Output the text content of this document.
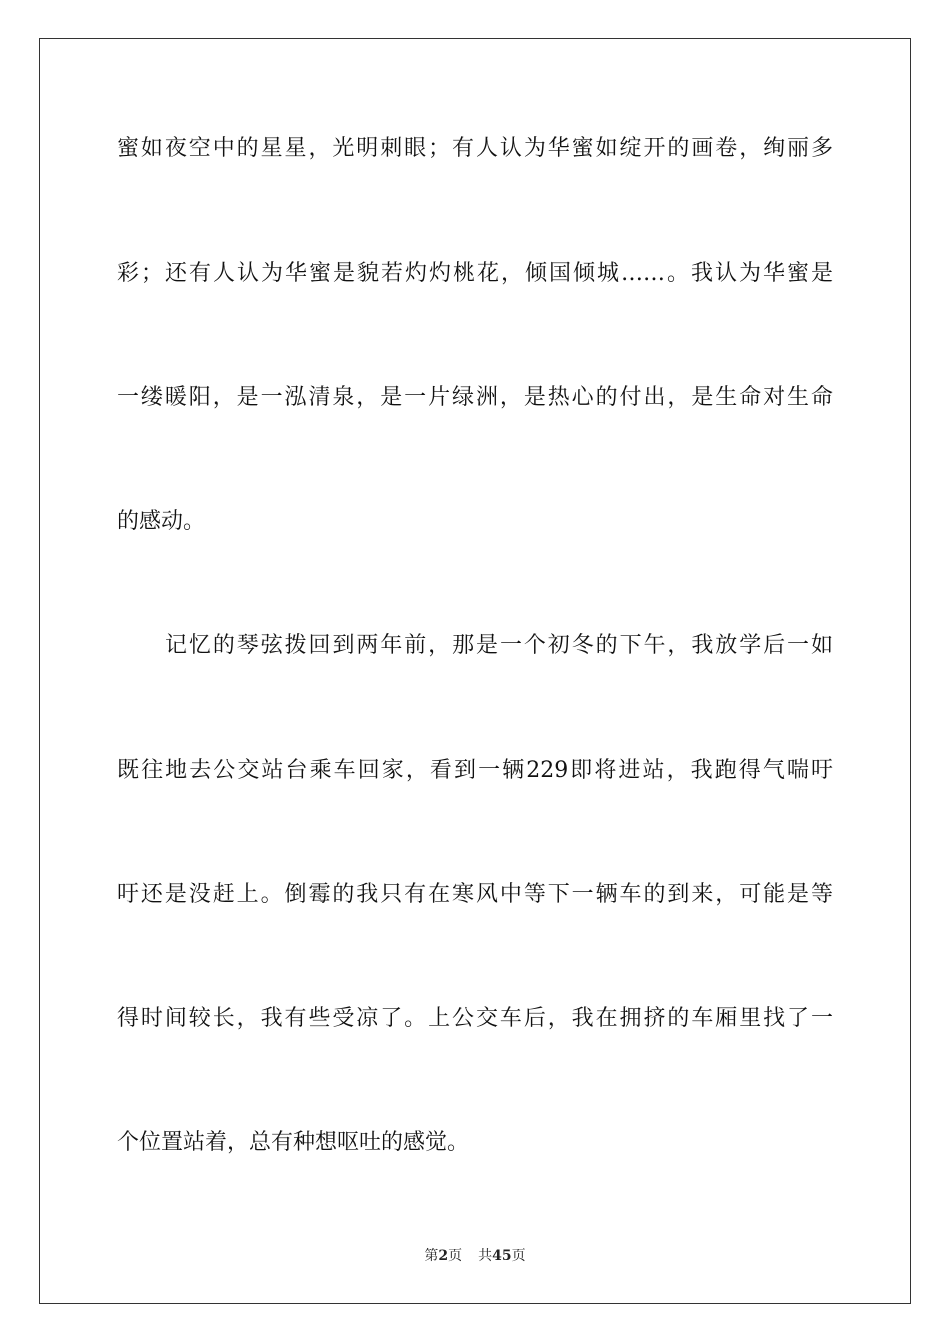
蜜如夜空中的星星，光明刺眼；有人认为华蜜如绽开的画卷，绚丽多
彩；还有人认为华蜜是貌若灼灼桃花，倾国倾城……。我认为华蜜是
一缕暖阳，是一泓清泉，是一片绿洲，是热心的付出，是生命对生命
的感动。
记忆的琴弦拨回到两年前，那是一个初冬的下午，我放学后一如
既往地去公交站台乘车回家，看到一辆229即将进站，我跑得气喘吁
吁还是没赶上。倒霉的我只有在寒风中等下一辆车的到来，可能是等
得时间较长，我有些受凉了。上公交车后，我在拥挤的车厢里找了一
个位置站着，总有种想呕吐的感觉。
第2页 共45页
